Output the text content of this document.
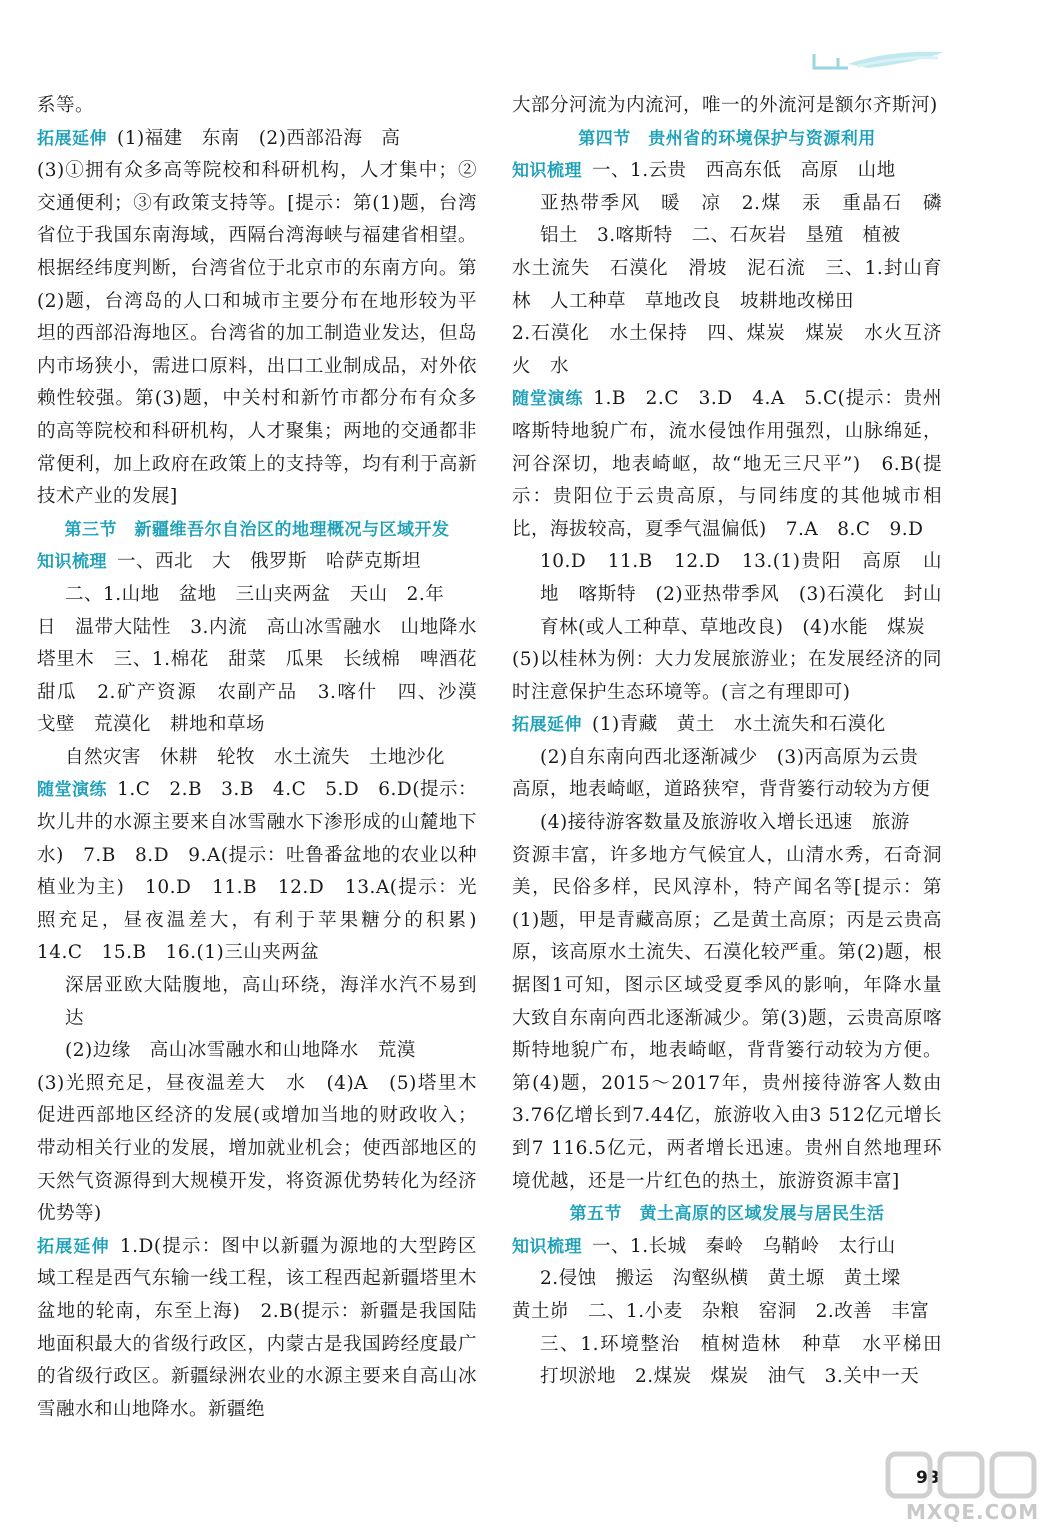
系等。

拓展延伸 (1)福建　东南　(2)西部沿海　高

(3)①拥有众多高等院校和科研机构，人才集中；②交通便利；③有政策支持等。[提示：第(1)题，台湾省位于我国东南海域，西隔台湾海峡与福建省相望。根据经纬度判断，台湾省位于北京市的东南方向。第(2)题，台湾岛的人口和城市主要分布在地形较为平坦的西部沿海地区。台湾省的加工制造业发达，但岛内市场狭小，需进口原料，出口工业制成品，对外依赖性较强。第(3)题，中关村和新竹市都分布有众多的高等院校和科研机构，人才聚集；两地的交通都非常便利，加上政府在政策上的支持等，均有利于高新技术产业的发展]

第三节　新疆维吾尔自治区的地理概况与区域开发

知识梳理 一、西北　大　俄罗斯　哈萨克斯坦

二、1.山地　盆地　三山夹两盆　天山　2.年

日　温带大陆性　3.内流　高山冰雪融水　山地降水　塔里木　三、1.棉花　甜菜　瓜果　长绒棉　啤酒花　甜瓜　2.矿产资源　农副产品　3.喀什　四、沙漠　戈壁　荒漠化　耕地和草场

自然灾害　休耕　轮牧　水土流失　土地沙化

随堂演练 1.C　2.B　3.B　4.C　5.D　6.D(提示：坎儿井的水源主要来自冰雪融水下渗形成的山麓地下水)　7.B　8.D　9.A(提示：吐鲁番盆地的农业以种植业为主)　10.D　11.B　12.D　13.A(提示：光照充足，昼夜温差大，有利于苹果糖分的积累)　14.C　15.B　16.(1)三山夹两盆

深居亚欧大陆腹地，高山环绕，海洋水汽不易到达

(2)边缘　高山冰雪融水和山地降水　荒漠

(3)光照充足，昼夜温差大　水　(4)A　(5)塔里木　促进西部地区经济的发展(或增加当地的财政收入；带动相关行业的发展，增加就业机会；使西部地区的天然气资源得到大规模开发，将资源优势转化为经济优势等)

拓展延伸 1.D(提示：图中以新疆为源地的大型跨区域工程是西气东输一线工程，该工程西起新疆塔里木盆地的轮南，东至上海)　2.B(提示：新疆是我国陆地面积最大的省级行政区，内蒙古是我国跨经度最广的省级行政区。新疆绿洲农业的水源主要来自高山冰雪融水和山地降水。新疆绝

大部分河流为内流河，唯一的外流河是额尔齐斯河)

第四节　贵州省的环境保护与资源利用

知识梳理 一、1.云贵　西高东低　高原　山地

亚热带季风　暖　凉　2.煤　汞　重晶石　磷　铝土　3.喀斯特　二、石灰岩　垦殖　植被

水土流失　石漠化　滑坡　泥石流　三、1.封山育林　人工种草　草地改良　坡耕地改梯田

2.石漠化　水土保持　四、煤炭　煤炭　水火互济　火　水

随堂演练 1.B　2.C　3.D　4.A　5.C(提示：贵州喀斯特地貌广布，流水侵蚀作用强烈，山脉绵延，河谷深切，地表崎岖，故“地无三尺平”)　6.B(提示：贵阳位于云贵高原，与同纬度的其他城市相比，海拔较高，夏季气温偏低)　7.A　8.C　9.D

10.D　11.B　12.D　13.(1)贵阳　高原　山地　喀斯特　(2)亚热带季风　(3)石漠化　封山育林(或人工种草、草地改良)　(4)水能　煤炭

(5)以桂林为例：大力发展旅游业；在发展经济的同时注意保护生态环境等。(言之有理即可)

拓展延伸 (1)青藏　黄土　水土流失和石漠化

(2)自东南向西北逐渐减少　(3)丙高原为云贵

高原，地表崎岖，道路狭窄，背背篓行动较为方便

(4)接待游客数量及旅游收入增长迅速　旅游

资源丰富，许多地方气候宜人，山清水秀，石奇洞美，民俗多样，民风淳朴，特产闻名等[提示：第(1)题，甲是青藏高原；乙是黄土高原；丙是云贵高原，该高原水土流失、石漠化较严重。第(2)题，根据图1可知，图示区域受夏季风的影响，年降水量大致自东南向西北逐渐减少。第(3)题，云贵高原喀斯特地貌广布，地表崎岖，背背篓行动较为方便。第(4)题，2015～2017年，贵州接待游客人数由3.76亿增长到7.44亿，旅游收入由3 512亿元增长到7 116.5亿元，两者增长迅速。贵州自然地理环境优越，还是一片红色的热土，旅游资源丰富]

第五节　黄土高原的区域发展与居民生活

知识梳理 一、1.长城　秦岭　乌鞘岭　太行山

2.侵蚀　搬运　沟壑纵横　黄土塬　黄土墚

黄土峁　二、1.小麦　杂粮　窑洞　2.改善　丰富

三、1.环境整治　植树造林　种草　水平梯田　打坝淤地　2.煤炭　煤炭　油气　3.关中一天

93
MXQE.COM
